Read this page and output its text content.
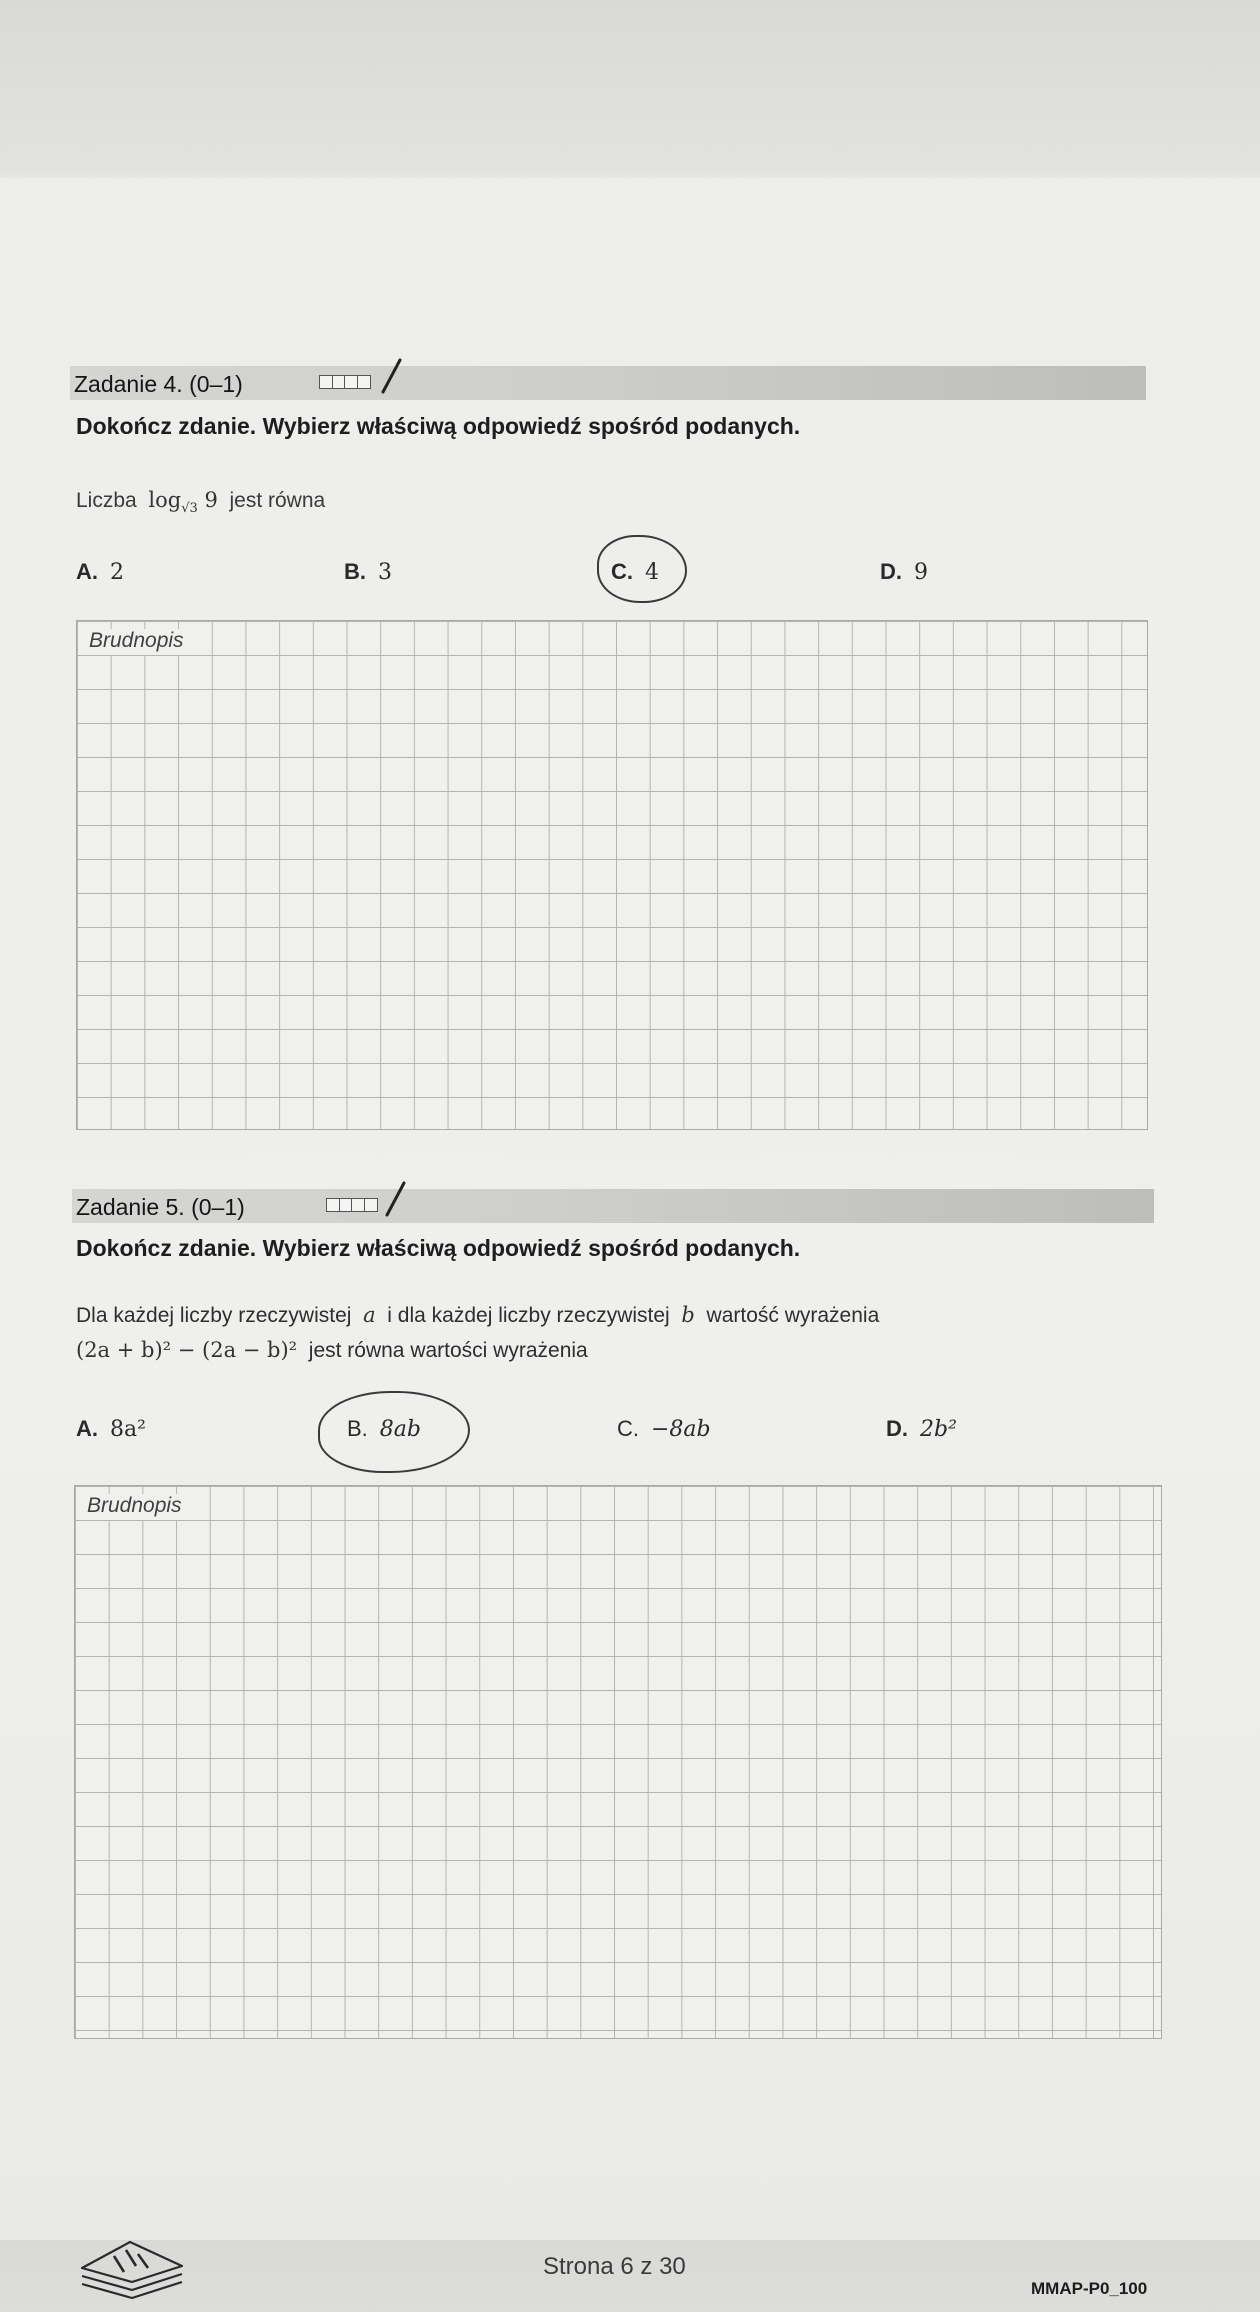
Zadanie 4. (0–1)
Dokończ zdanie. Wybierz właściwą odpowiedź spośród podanych.
Liczba $\log_{√3} 9$ jest równa
A. 2	B. 3	C. 4	D. 9
Brudnopis
Zadanie 5. (0–1)
Dokończ zdanie. Wybierz właściwą odpowiedź spośród podanych.
Dla każdej liczby rzeczywistej a i dla każdej liczby rzeczywistej b wartość wyrażenia
(2a + b)² − (2a − b)² jest równa wartości wyrażenia
A. 8a²	B. 8ab	C. −8ab	D. 2b²
Brudnopis
Strona 6 z 30
MMAP-P0_100
